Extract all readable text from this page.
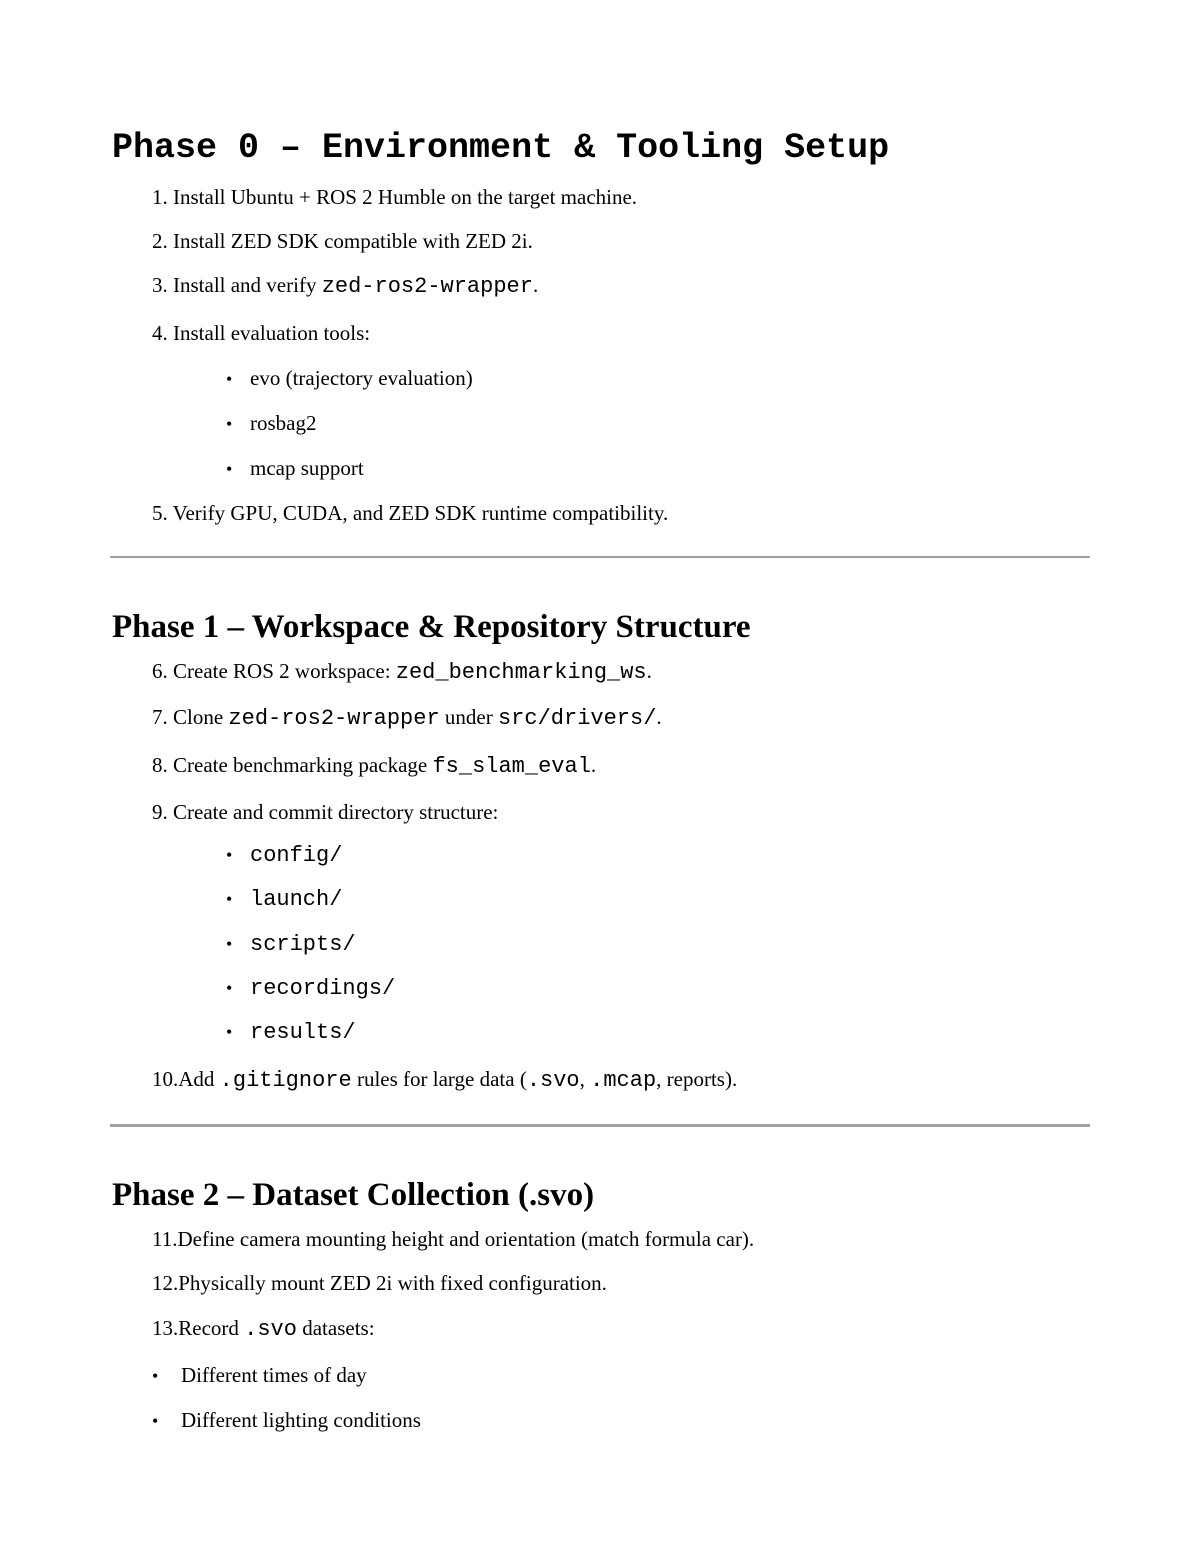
Phase 0 – Environment & Tooling Setup
1. Install Ubuntu + ROS 2 Humble on the target machine.
2. Install ZED SDK compatible with ZED 2i.
3. Install and verify zed-ros2-wrapper.
4. Install evaluation tools:
• evo (trajectory evaluation)
• rosbag2
• mcap support
5. Verify GPU, CUDA, and ZED SDK runtime compatibility.
Phase 1 – Workspace & Repository Structure
6. Create ROS 2 workspace: zed_benchmarking_ws.
7. Clone zed-ros2-wrapper under src/drivers/.
8. Create benchmarking package fs_slam_eval.
9. Create and commit directory structure:
• config/
• launch/
• scripts/
• recordings/
• results/
10.Add .gitignore rules for large data (.svo, .mcap, reports).
Phase 2 – Dataset Collection (.svo)
11.Define camera mounting height and orientation (match formula car).
12.Physically mount ZED 2i with fixed configuration.
13.Record .svo datasets:
• Different times of day
• Different lighting conditions
